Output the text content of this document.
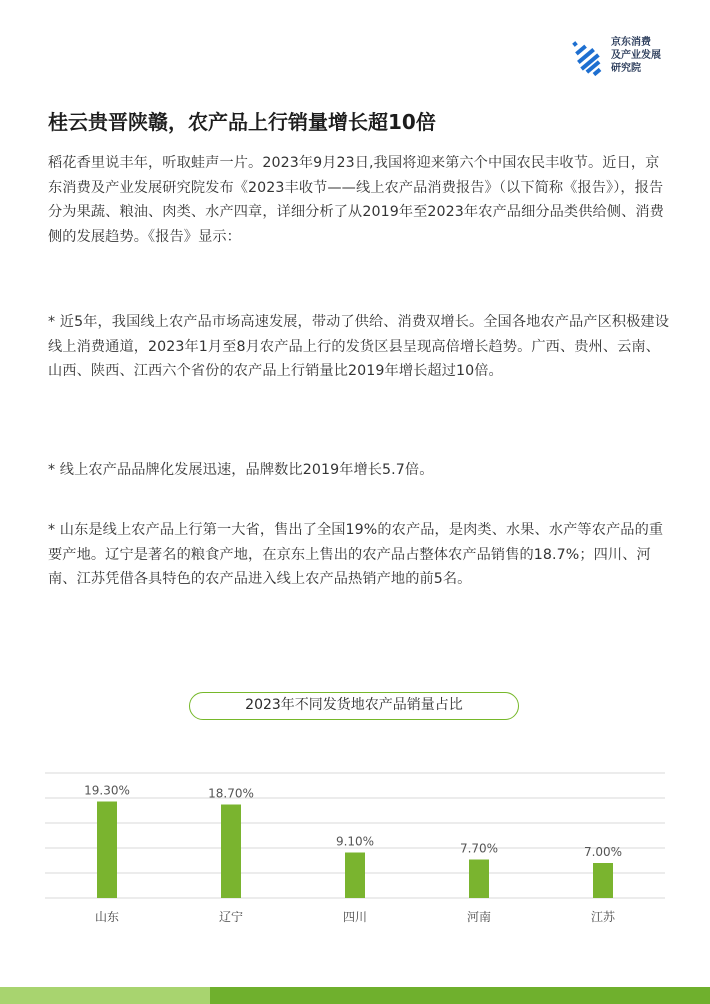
京东消费
及产业发展
研究院
桂云贵晋陕赣，农产品上行销量增长超10倍

稻花香里说丰年，听取蛙声一片。2023年9月23日,我国将迎来第六个中国农民丰收节。近日，京东消费及产业发展研究院发布《2023丰收节——线上农产品消费报告》（以下简称《报告》），报告分为果蔬、粮油、肉类、水产四章，详细分析了从2019年至2023年农产品细分品类供给侧、消费侧的发展趋势。《报告》显示：

* 近5年，我国线上农产品市场高速发展，带动了供给、消费双增长。全国各地农产品产区积极建设线上消费通道，2023年1月至8月农产品上行的发货区县呈现高倍增长趋势。广西、贵州、云南、山西、陕西、江西六个省份的农产品上行销量比2019年增长超过10倍。

* 线上农产品品牌化发展迅速，品牌数比2019年增长5.7倍。

* 山东是线上农产品上行第一大省，售出了全国19%的农产品，是肉类、水果、水产等农产品的重要产地。辽宁是著名的粮食产地，在京东上售出的农产品占整体农产品销售的18.7%；四川、河南、江苏凭借各具特色的农产品进入线上农产品热销产地的前5名。

2023年不同发货地农产品销量占比
19.30%
山东
18.70%
辽宁
9.10%
四川
7.70%
河南
7.00%
江苏
